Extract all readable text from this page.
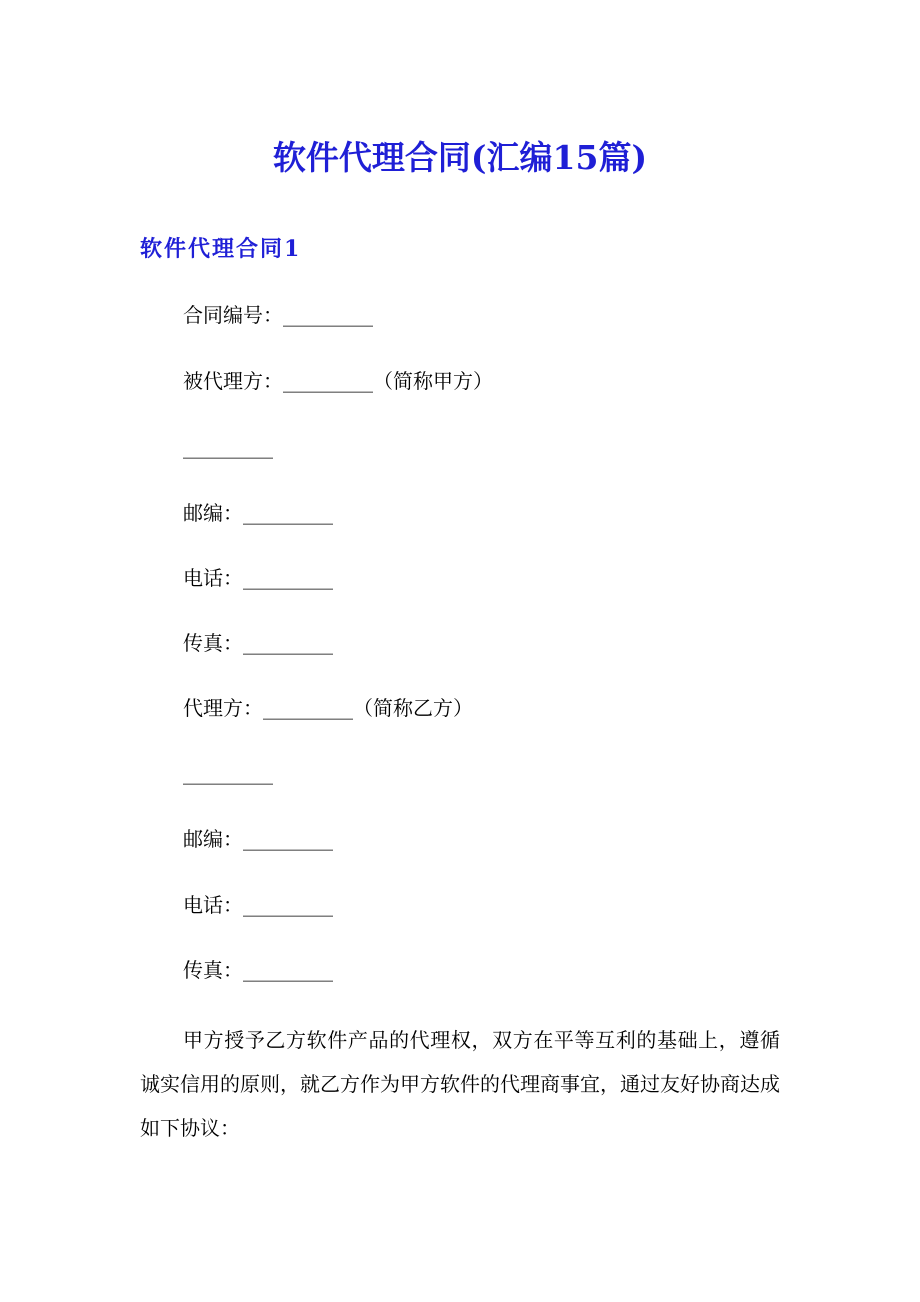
软件代理合同(汇编15篇)
软件代理合同1
合同编号：_________
被代理方：_________（简称甲方）
_________
邮编：_________
电话：_________
传真：_________
代理方：_________（简称乙方）
_________
邮编：_________
电话：_________
传真：_________
甲方授予乙方软件产品的代理权，双方在平等互利的基础上，遵循诚实信用的原则，就乙方作为甲方软件的代理商事宜，通过友好协商达成如下协议：
